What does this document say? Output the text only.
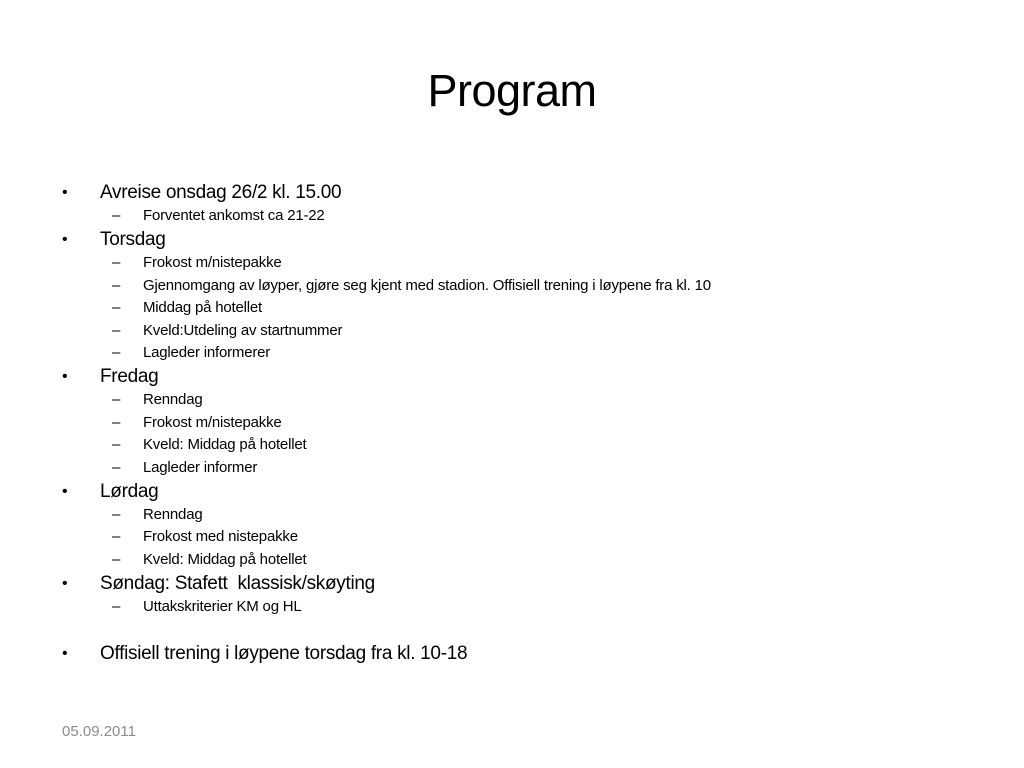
Program
• Avreise onsdag 26/2 kl. 15.00
– Forventet ankomst ca 21-22
• Torsdag
– Frokost m/nistepakke
– Gjennomgang av løyper, gjøre seg kjent med stadion. Offisiell trening i løypene fra kl. 10
– Middag på hotellet
– Kveld:Utdeling av startnummer
– Lagleder informerer
• Fredag
– Renndag
– Frokost m/nistepakke
– Kveld: Middag på hotellet
– Lagleder informer
• Lørdag
– Renndag
– Frokost med nistepakke
– Kveld: Middag på hotellet
• Søndag: Stafett  klassisk/skøyting
– Uttakskriterier KM og HL
• Offisiell trening i løypene torsdag fra kl. 10-18
05.09.2011
